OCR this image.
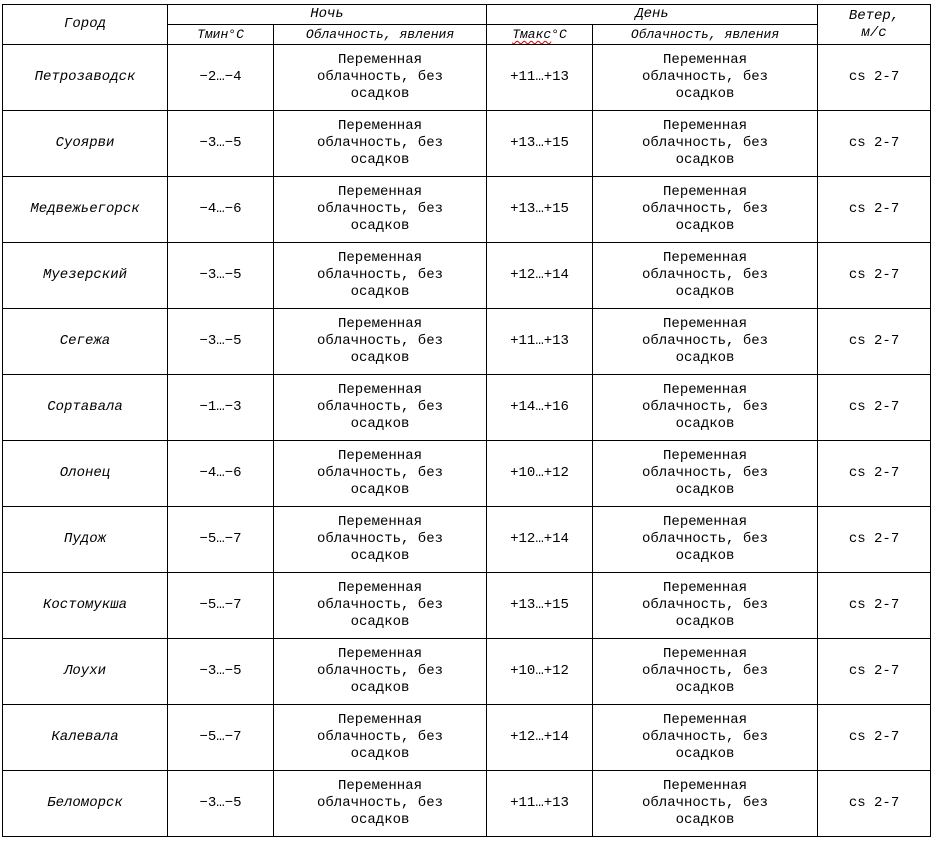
Город	Ночь		День		Ветер,
м/с
	Тмин°С	Облачность, явления	Тмакс°С	Облачность, явления	
Петрозаводск	−2…−4	Переменная
облачность, без
осадков	+11…+13	Переменная
облачность, без
осадков	cs 2-7
Суоярви	−3…−5	Переменная
облачность, без
осадков	+13…+15	Переменная
облачность, без
осадков	cs 2-7
Медвежьегорск	−4…−6	Переменная
облачность, без
осадков	+13…+15	Переменная
облачность, без
осадков	cs 2-7
Муезерский	−3…−5	Переменная
облачность, без
осадков	+12…+14	Переменная
облачность, без
осадков	cs 2-7
Сегежа	−3…−5	Переменная
облачность, без
осадков	+11…+13	Переменная
облачность, без
осадков	cs 2-7
Сортавала	−1…−3	Переменная
облачность, без
осадков	+14…+16	Переменная
облачность, без
осадков	cs 2-7
Олонец	−4…−6	Переменная
облачность, без
осадков	+10…+12	Переменная
облачность, без
осадков	cs 2-7
Пудож	−5…−7	Переменная
облачность, без
осадков	+12…+14	Переменная
облачность, без
осадков	cs 2-7
Костомукша	−5…−7	Переменная
облачность, без
осадков	+13…+15	Переменная
облачность, без
осадков	cs 2-7
Лоухи	−3…−5	Переменная
облачность, без
осадков	+10…+12	Переменная
облачность, без
осадков	cs 2-7
Калевала	−5…−7	Переменная
облачность, без
осадков	+12…+14	Переменная
облачность, без
осадков	cs 2-7
Беломорск	−3…−5	Переменная
облачность, без
осадков	+11…+13	Переменная
облачность, без
осадков	cs 2-7
